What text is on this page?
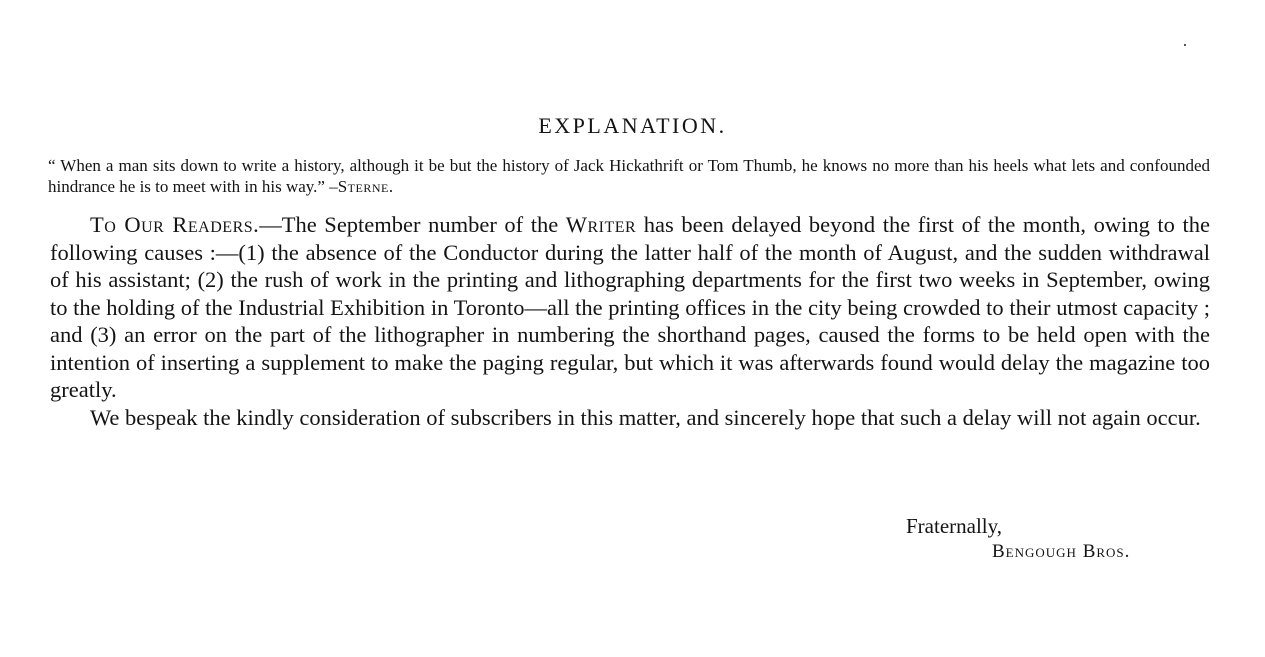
EXPLANATION.
“ When a man sits down to write a history, although it be but the history of Jack Hickathrift or Tom Thumb, he knows no more than his heels what lets and confounded hindrance he is to meet with in his way.” –Sterne.

To Our Readers.—The September number of the Writer has been delayed beyond the first of the month, owing to the following causes :—(1) the absence of the Conductor during the latter half of the month of August, and the sudden withdrawal of his assistant; (2) the rush of work in the printing and lithographing departments for the first two weeks in September, owing to the holding of the Industrial Exhibition in Toronto—all the printing offices in the city being crowded to their utmost capacity ; and (3) an error on the part of the lithographer in numbering the shorthand pages, caused the forms to be held open with the intention of inserting a supplement to make the paging regular, but which it was afterwards found would delay the magazine too greatly.

We bespeak the kindly consideration of subscribers in this matter, and sincerely hope that such a delay will not again occur.

Fraternally,
Bengough Bros.
